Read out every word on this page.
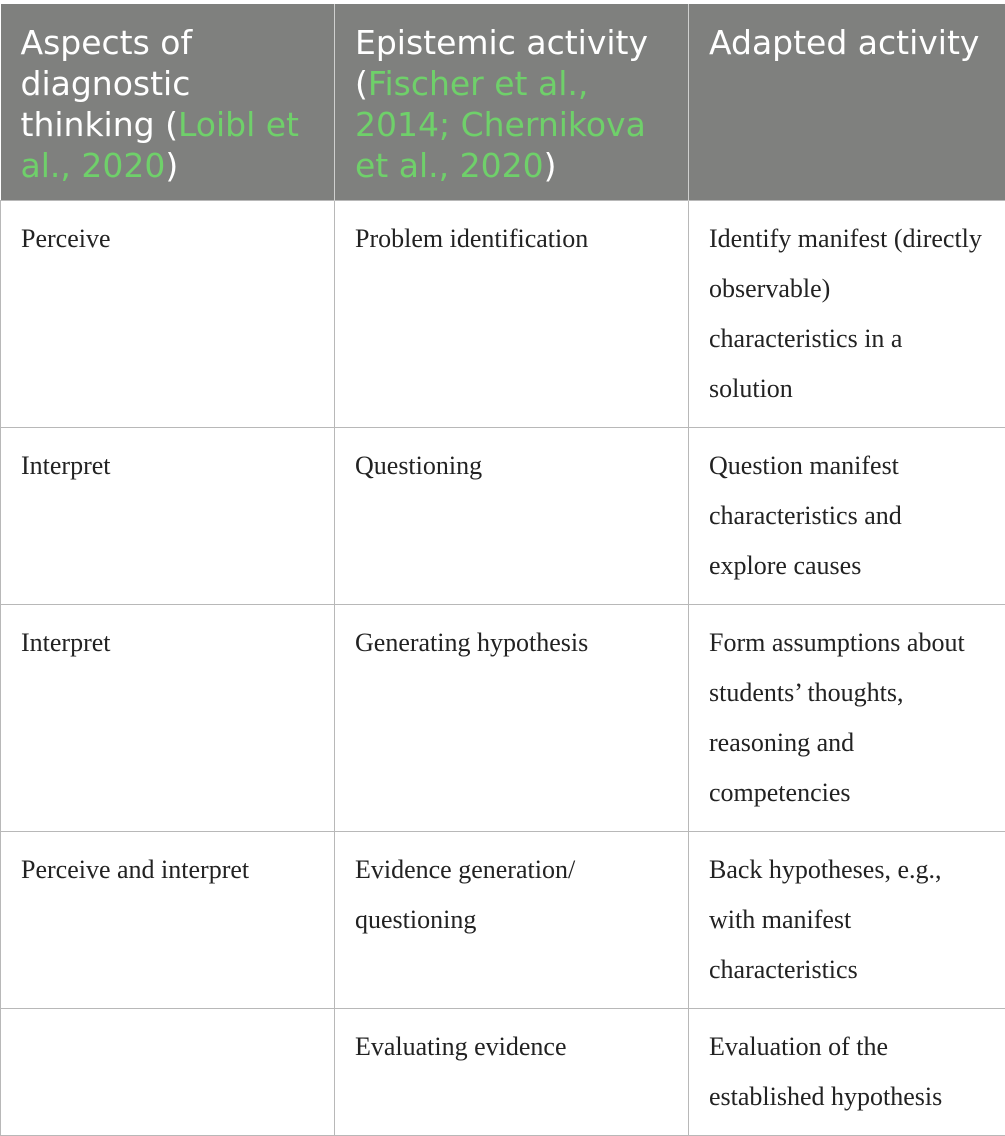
Aspects of diagnostic thinking (Loibl et al., 2020)	Epistemic activity (Fischer et al., 2014; Chernikova et al., 2020)	Adapted activity
Perceive	Problem identification	Identify manifest (directly observable) characteristics in a solution
Interpret	Questioning	Question manifest characteristics and explore causes
Interpret	Generating hypothesis	Form assumptions about students’ thoughts, reasoning and competencies
Perceive and interpret	Evidence generation/ questioning	Back hypotheses, e.g., with manifest characteristics
	Evaluating evidence	Evaluation of the established hypothesis
